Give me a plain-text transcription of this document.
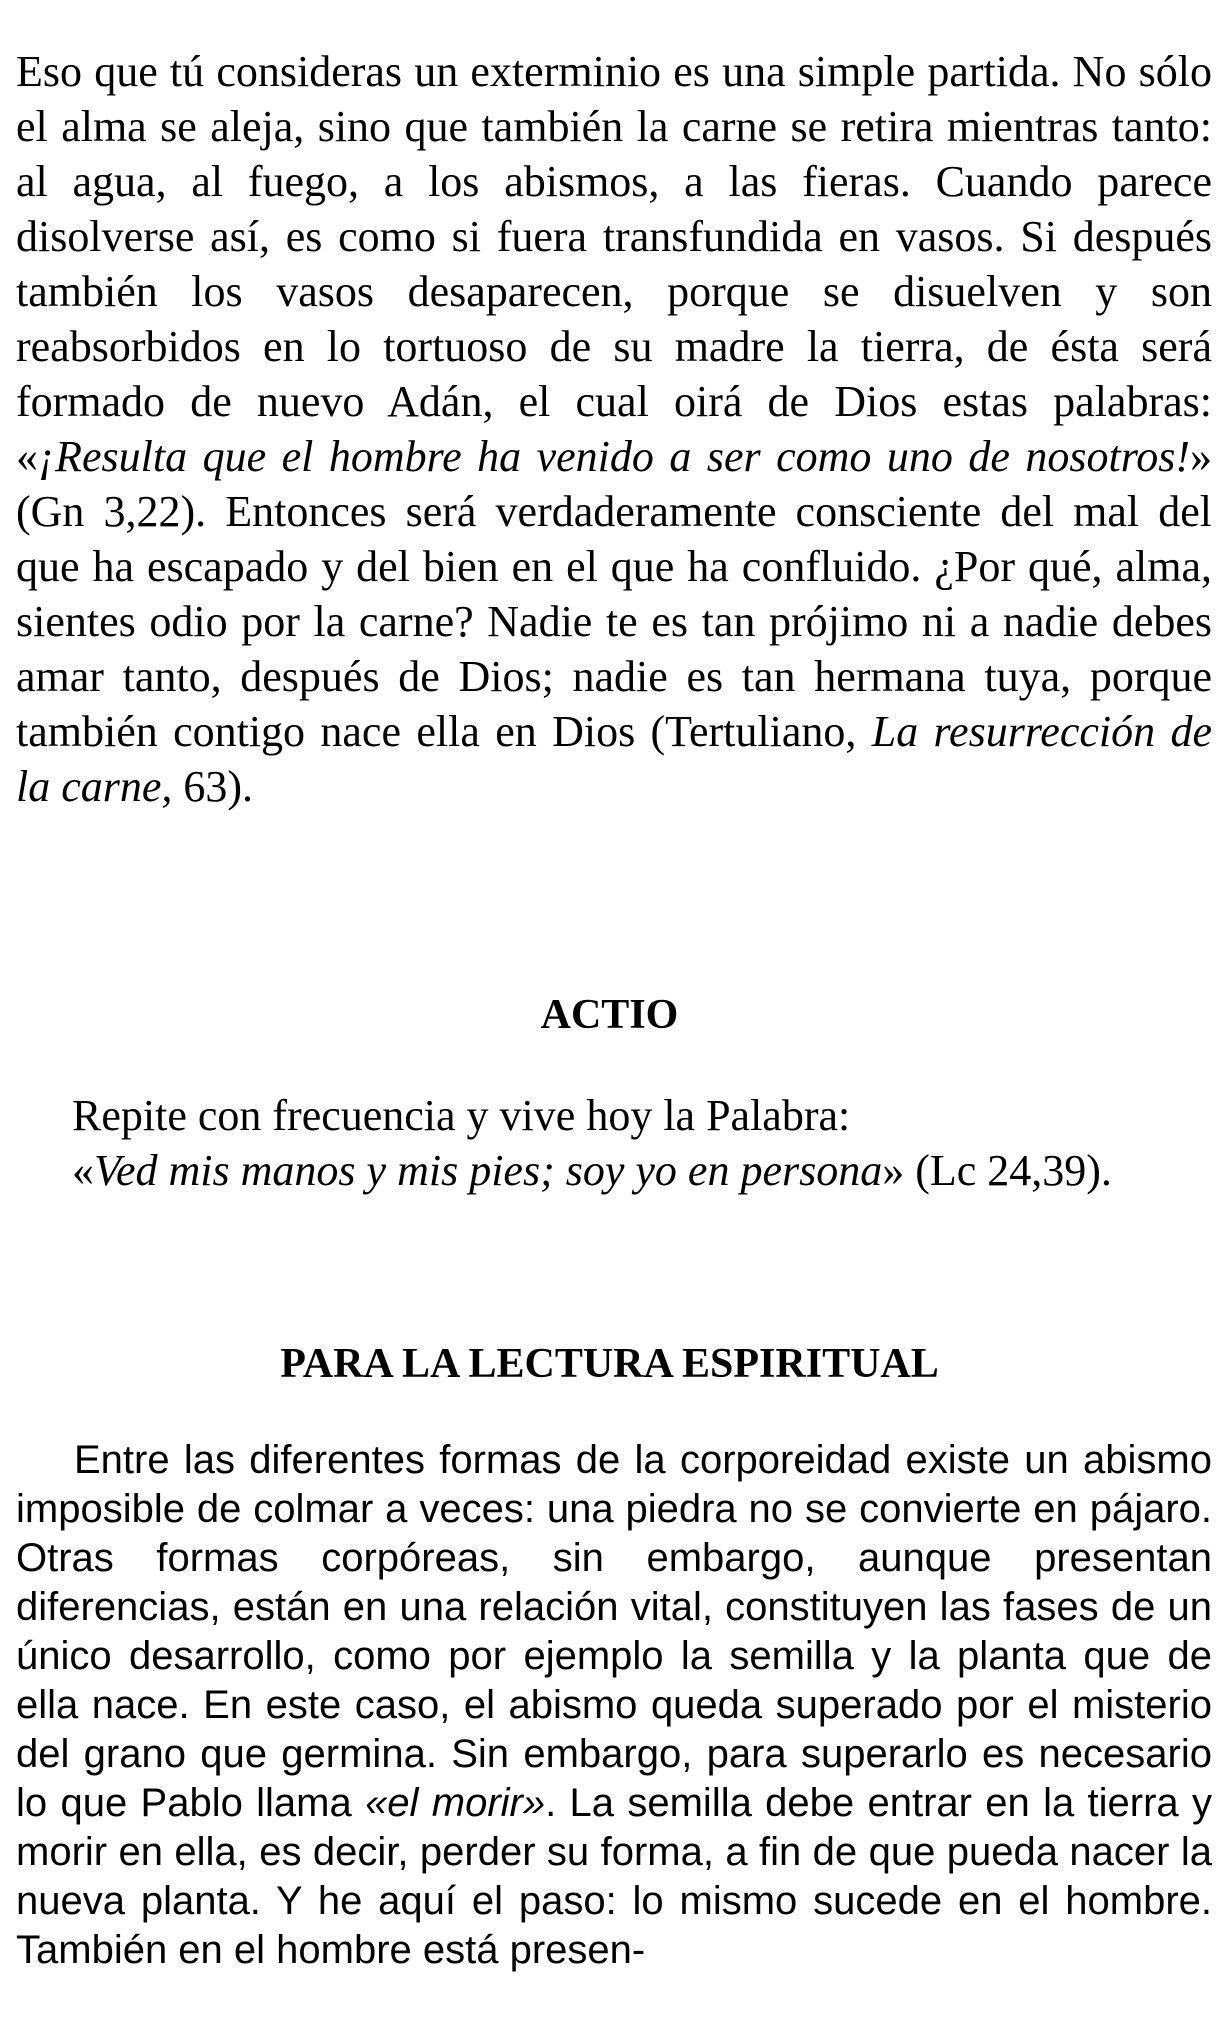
Eso que tú consideras un exterminio es una simple partida. No sólo el alma se aleja, sino que también la carne se retira mientras tanto: al agua, al fuego, a los abismos, a las fieras. Cuando parece disolverse así, es como si fuera transfundida en vasos. Si después también los vasos desaparecen, porque se disuelven y son reabsorbidos en lo tortuoso de su madre la tierra, de ésta será formado de nuevo Adán, el cual oirá de Dios estas palabras: «¡Resulta que el hombre ha venido a ser como uno de nosotros!» (Gn 3,22). Entonces será verdaderamente consciente del mal del que ha escapado y del bien en el que ha confluido. ¿Por qué, alma, sientes odio por la carne? Nadie te es tan prójimo ni a nadie debes amar tanto, después de Dios; nadie es tan hermana tuya, porque también contigo nace ella en Dios (Tertuliano, La resurrección de la carne, 63).

ACTIO
Repite con frecuencia y vive hoy la Palabra:
«Ved mis manos y mis pies; soy yo en persona» (Lc 24,39).
PARA LA LECTURA ESPIRITUAL

Entre las diferentes formas de la corporeidad existe un abismo imposible de colmar a veces: una piedra no se convierte en pájaro. Otras formas corpóreas, sin embargo, aunque presentan diferencias, están en una relación vital, constituyen las fases de un único desarrollo, como por ejemplo la semilla y la planta que de ella nace. En este caso, el abismo queda superado por el misterio del grano que germina. Sin embargo, para superarlo es necesario lo que Pablo llama «el morir». La semilla debe entrar en la tierra y morir en ella, es decir, perder su forma, a fin de que pueda nacer la nueva planta. Y he aquí el paso: lo mismo sucede en el hombre. También en el hombre está presen-
